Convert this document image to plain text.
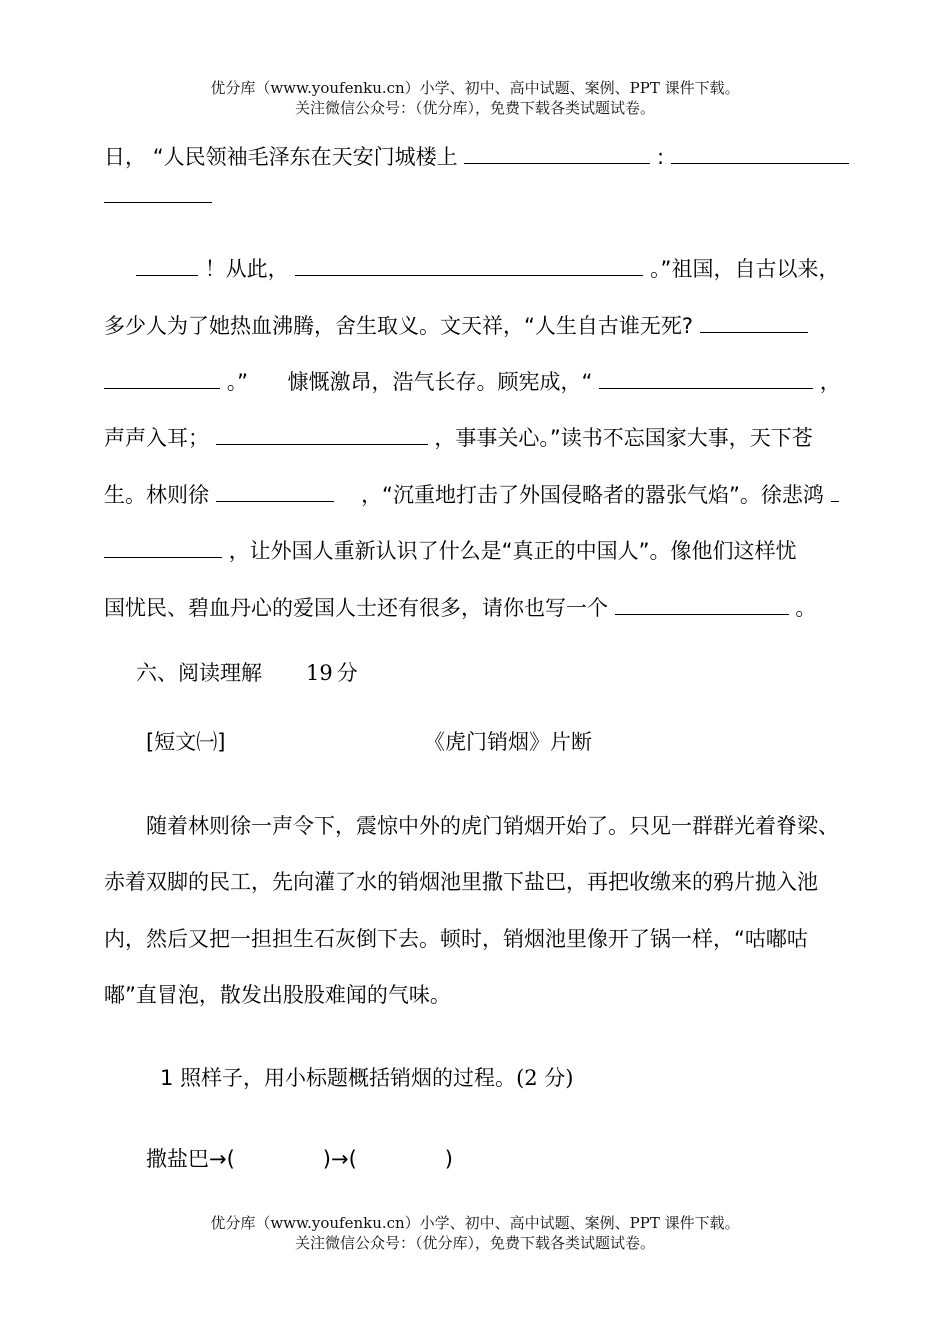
优分库（www.youfenku.cn）小学、初中、高中试题、案例、PPT 课件下载。
关注微信公众号：（优分库），免费下载各类试题试卷。
日， “人民领袖毛泽东在天安门城楼上	:
！从此，	。”祖国，自古以来，
多少人为了她热血沸腾，舍生取义。文天祥，“人生自古谁无死?
。” 慷慨激昂，浩气长存。顾宪成，“	，
声声入耳；	，事事关心。”读书不忘国家大事，天下苍
生。林则徐	，“沉重地打击了外国侵略者的嚣张气焰”。徐悲鸿
，让外国人重新认识了什么是“真正的中国人”。像他们这样忧
国忧民、碧血丹心的爱国人士还有很多，请你也写一个	。
六、阅读理解 19 分
[短文㈠]	《虎门销烟》片断
随着林则徐一声令下，震惊中外的虎门销烟开始了。只见一群群光着脊梁、
赤着双脚的民工，先向灌了水的销烟池里撒下盐巴，再把收缴来的鸦片抛入池
内，然后又把一担担生石灰倒下去。顿时，销烟池里像开了锅一样，“咕嘟咕
嘟”直冒泡，散发出股股难闻的气味。
1 照样子，用小标题概括销烟的过程。(2 分)
撒盐巴→(	)→(	)
优分库（www.youfenku.cn）小学、初中、高中试题、案例、PPT 课件下载。
关注微信公众号：（优分库），免费下载各类试题试卷。
